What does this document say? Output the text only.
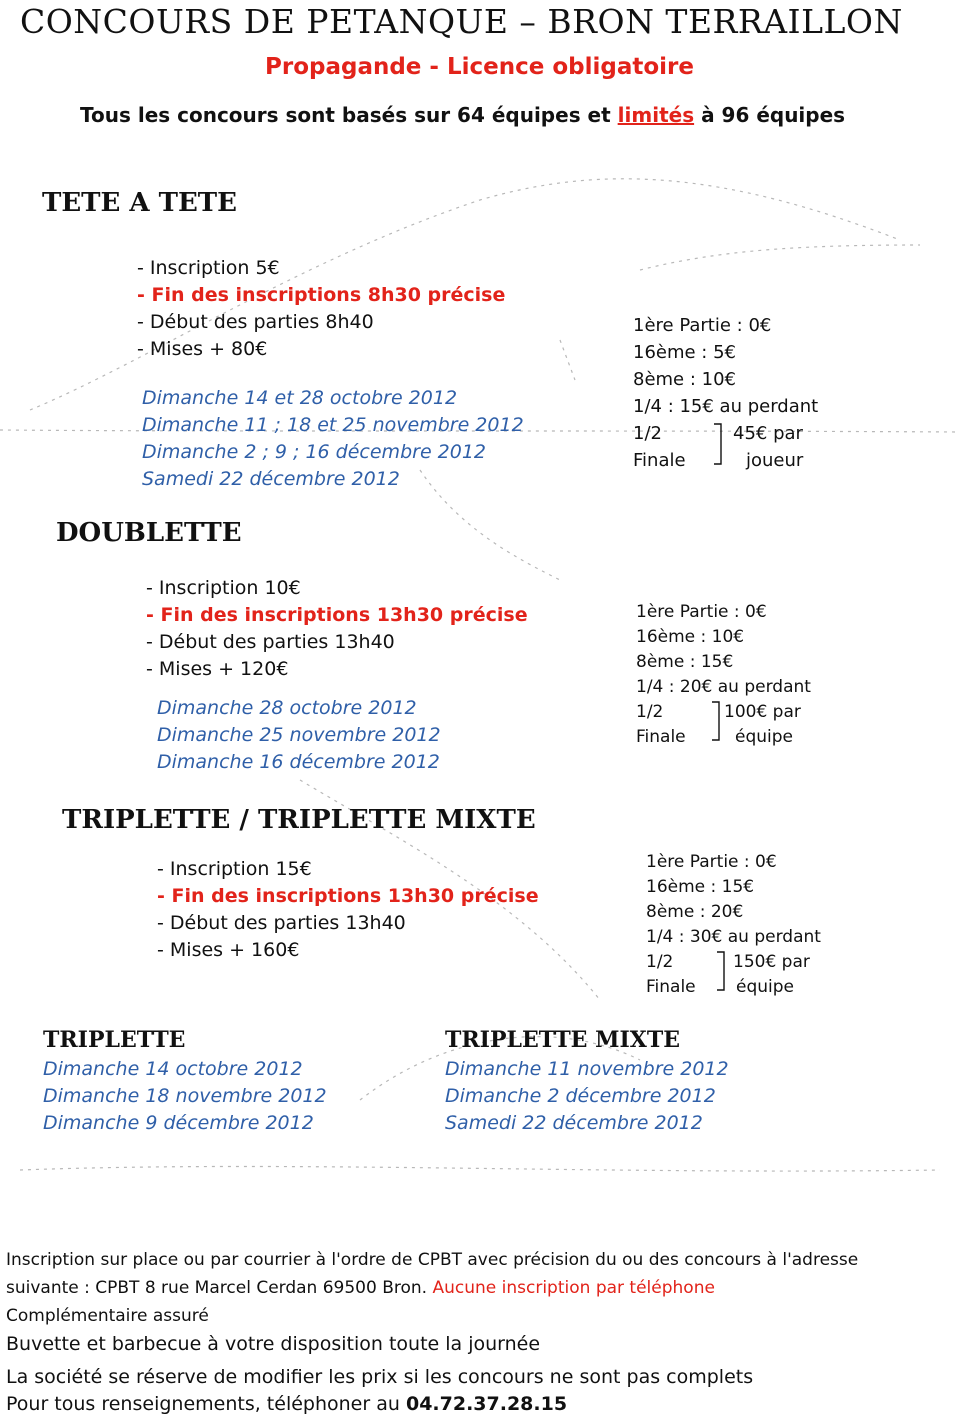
CONCOURS DE PETANQUE – BRON TERRAILLON
Propagande - Licence obligatoire
Tous les concours sont basés sur 64 équipes et limités à 96 équipes
TETE A TETE
- Inscription 5€
- Fin des inscriptions 8h30 précise
- Début des parties 8h40
- Mises + 80€
Dimanche 14 et 28 octobre 2012
Dimanche 11 ; 18 et 25 novembre 2012
Dimanche 2 ; 9 ; 16 décembre 2012
Samedi 22 décembre 2012
1ère Partie : 0€
16ème : 5€
8ème : 10€
1/4 : 15€ au perdant
1/2
Finale
45€ par
joueur
DOUBLETTE
- Inscription 10€
- Fin des inscriptions 13h30 précise
- Début des parties 13h40
- Mises + 120€
Dimanche 28 octobre 2012
Dimanche 25 novembre 2012
Dimanche 16 décembre 2012
1ère Partie : 0€
16ème : 10€
8ème : 15€
1/4 : 20€ au perdant
1/2
Finale
100€ par
équipe
TRIPLETTE / TRIPLETTE MIXTE
- Inscription 15€
- Fin des inscriptions 13h30 précise
- Début des parties 13h40
- Mises + 160€
1ère Partie : 0€
16ème : 15€
8ème : 20€
1/4 : 30€ au perdant
1/2
Finale
150€ par
équipe
TRIPLETTE
Dimanche 14 octobre 2012
Dimanche 18 novembre 2012
Dimanche 9 décembre 2012
TRIPLETTE MIXTE
Dimanche 11 novembre 2012
Dimanche 2 décembre 2012
Samedi 22 décembre 2012
Inscription sur place ou par courrier à l'ordre de CPBT avec précision du ou des concours à l'adresse
suivante : CPBT 8 rue Marcel Cerdan 69500 Bron. Aucune inscription par téléphone
Complémentaire assuré
Buvette et barbecue à votre disposition toute la journée
La société se réserve de modifier les prix si les concours ne sont pas complets
Pour tous renseignements, téléphoner au 04.72.37.28.15
